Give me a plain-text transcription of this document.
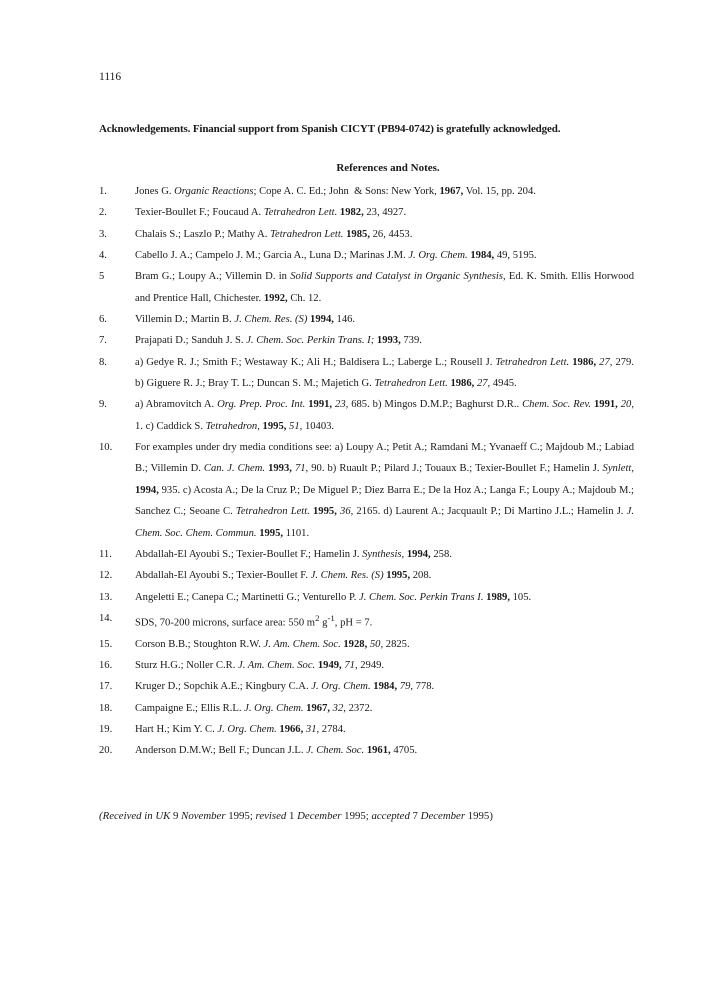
1116
Acknowledgements. Financial support from Spanish CICYT (PB94-0742) is gratefully acknowledged.
References and Notes.
1.	Jones G. Organic Reactions; Cope A. C. Ed.; John  & Sons: New York, 1967, Vol. 15, pp. 204.
2.	Texier-Boullet F.; Foucaud A. Tetrahedron Lett. 1982, 23, 4927.
3.	Chalais S.; Laszlo P.; Mathy A. Tetrahedron Lett. 1985, 26, 4453.
4.	Cabello J. A.; Campelo J. M.; Garcia A., Luna D.; Marinas J.M. J. Org. Chem. 1984, 49, 5195.
5	Bram G.; Loupy A.; Villemin D. in Solid Supports and Catalyst in Organic Synthesis, Ed. K. Smith. Ellis Horwood and Prentice Hall, Chichester. 1992, Ch. 12.
6.	Villemin D.; Martin B. J. Chem. Res. (S) 1994, 146.
7.	Prajapati D.; Sanduh J. S. J. Chem. Soc. Perkin Trans. I; 1993, 739.
8.	a) Gedye R. J.; Smith F.; Westaway K.; Ali H.; Baldisera L.; Laberge L.; Rousell J. Tetrahedron Lett. 1986, 27, 279. b) Giguere R. J.; Bray T. L.; Duncan S. M.; Majetich G. Tetrahedron Lett. 1986, 27, 4945.
9.	a) Abramovitch A. Org. Prep. Proc. Int. 1991, 23, 685. b) Mingos D.M.P.; Baghurst D.R.. Chem. Soc. Rev. 1991, 20, 1. c) Caddick S. Tetrahedron, 1995, 51, 10403.
10. For examples under dry media conditions see: a) Loupy A.; Petit A.; Ramdani M.; Yvanaeff C.; Majdoub M.; Labiad B.; Villemin D. Can. J. Chem. 1993, 71, 90. b) Ruault P.; Pilard J.; Touaux B.; Texier-Boullet F.; Hamelin J. Synlett, 1994, 935. c) Acosta A.; De la Cruz P.; De Miguel P.; Diez Barra E.; De la Hoz A.; Langa F.; Loupy A.; Majdoub M.; Sanchez C.; Seoane C. Tetrahedron Lett. 1995, 36, 2165. d) Laurent A.; Jacquault P.; Di Martino J.L.; Hamelin J. J. Chem. Soc. Chem. Commun. 1995, 1101.
11. Abdallah-El Ayoubi S.; Texier-Boullet F.; Hamelin J. Synthesis, 1994, 258.
12. Abdallah-El Ayoubi S.; Texier-Boullet F. J. Chem. Res. (S) 1995, 208.
13. Angeletti E.; Canepa C.; Martinetti G.; Venturello P. J. Chem. Soc. Perkin Trans I. 1989, 105.
14. SDS, 70-200 microns, surface area: 550 $m^2$ $g^{-1}$, pH = 7.
15. Corson B.B.; Stoughton R.W. J. Am. Chem. Soc. 1928, 50, 2825.
16. Sturz H.G.; Noller C.R. J. Am. Chem. Soc. 1949, 71, 2949.
17. Kruger D.; Sopchik A.E.; Kingbury C.A. J. Org. Chem. 1984, 79, 778.
18. Campaigne E.; Ellis R.L. J. Org. Chem. 1967, 32, 2372.
19. Hart H.; Kim Y. C. J. Org. Chem. 1966, 31, 2784.
20. Anderson D.M.W.; Bell F.; Duncan J.L. J. Chem. Soc. 1961, 4705.
(Received in UK 9 November 1995; revised 1 December 1995; accepted 7 December 1995)
